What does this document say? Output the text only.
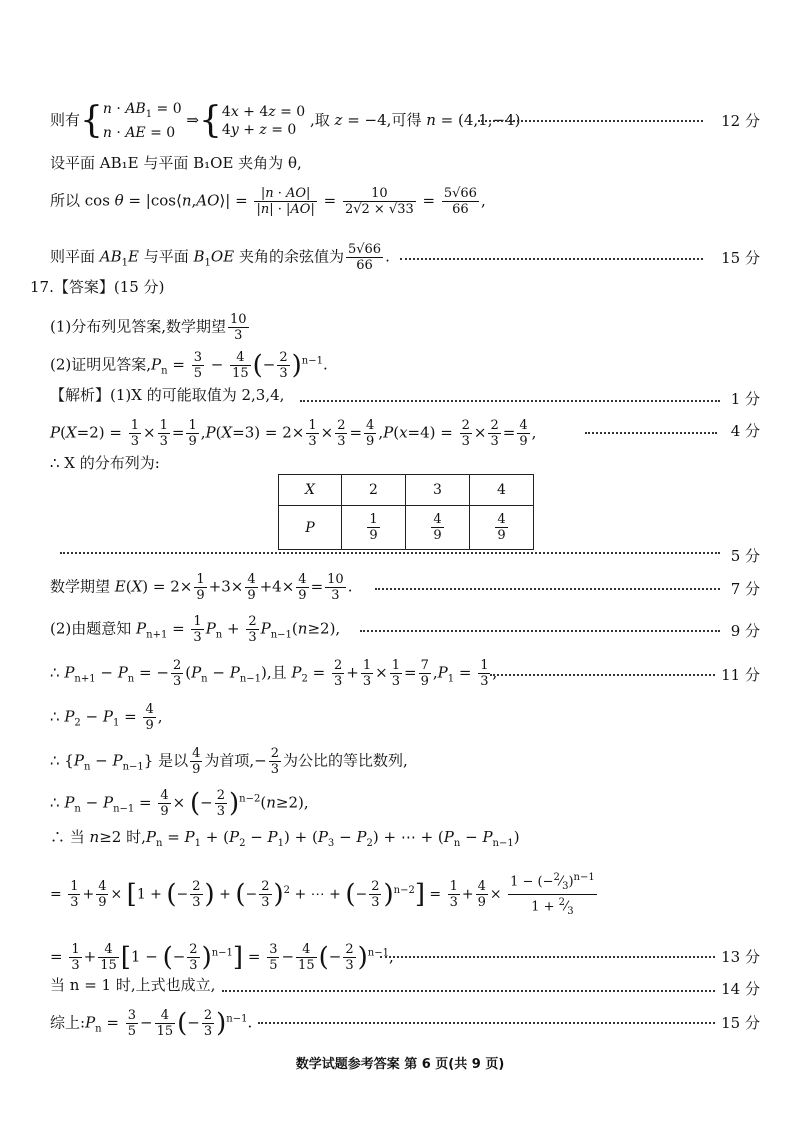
则有{$n \cdot AB_1 = 0$
n · AE = 0 ⇒{4x + 4z = 0
4y + z = 0 ,取 z = −4,可得 n = (4,1,−4)	12 分
设平面 AB₁E 与平面 B₁OE 夹角为 θ,
所以 cos θ = |cos⟨n,AO⟩| = $\frac{|n \cdot AO|}{|n| \cdot |AO|} = \frac{10}{2√2 \times √33} = \frac{5√66}{66}$ ,
则平面 $AB_1E$ 与平面 $B_1OE$ 夹角的余弦值为 $\frac{5√66}{66}$ .	15 分
17.【答案】(15 分)
(1)分布列见答案,数学期望 $\frac{10}{3}$
(2)证明见答案$,P_n = \frac{3}{5} - \frac{4}{15}$ (− $\frac{2}{3} )^{n-1}$.
【解析】(1)X 的可能取值为 2,3,4,	1 分
$P(X=2) = \frac{1}{3} \times \frac{1}{3} = \frac{1}{9} ,P(X=3) = 2\times \frac{1}{3} \times \frac{2}{3} = \frac{4}{9} ,P(x=4) = \frac{2}{3} \times \frac{2}{3} = \frac{4}{9}$ ,	4 分
∴ X 的分布列为:
X	2	3	4
P	$\frac{1}{9}$	$\frac{4}{9}$	$\frac{4}{9}$
5 分
数学期望 $E(X) = 2\times \frac{1}{9} +3\times \frac{4}{9} +4\times \frac{4}{9} = \frac{10}{3}$ .	7 分
(2)由题意知 $P_{n+1} = \frac{1}{3} P_n + \frac{2}{3} P_{n-1}(n\ge 2)$,	9 分
∴ $P_{n+1} - P_n$ = − $\frac{2}{3} (P_n - P_{n-1})$,且 $P_2 = \frac{2}{3} + \frac{1}{3} \times \frac{1}{3} = \frac{7}{9} ,P_1 = \frac{1}{3}$ ,	11 分
∴ $P_2 - P_1 = \frac{4}{9}$ ,
∴ $\{P_n - P_{n-1}\}$ 是以 $\frac{4}{9}$ 为首项,− $\frac{2}{3}$ 为公比的等比数列,
∴ $P_n - P_{n-1} = \frac{4}{9}$ × (− $\frac{2}{3} )^{n-2}(n\ge 2)$,
∴ 当 n≥2 时$,P_n = P_1 + (P_2 - P_1) + (P_3 - P_2)$ + ⋯ + $(P_n - P_{n-1})$
= $\frac{1}{3} + \frac{4}{9} \times [1$ + (− $\frac{2}{3}$ ) + (− $\frac{2}{3} )^2$ + ⋯ + (− $\frac{2}{3} )^{n-2}] = \frac{1}{3} + \frac{4}{9} \times \frac{1 - (-^2⁄_3)^{n-1}}{1 + ^2⁄_3}$
= $\frac{1}{3} + \frac{4}{15} [1$ − (− $\frac{2}{3} )^{n-1}] = \frac{3}{5} - \frac{4}{15}$ (− $\frac{2}{3} )^{n-1}$,	13 分
当 n = 1 时,上式也成立,	14 分
综上$:P_n = \frac{3}{5} - \frac{4}{15}$ (− $\frac{2}{3} )^{n-1}$.	15 分
数学试题参考答案 第 6 页(共 9 页)
